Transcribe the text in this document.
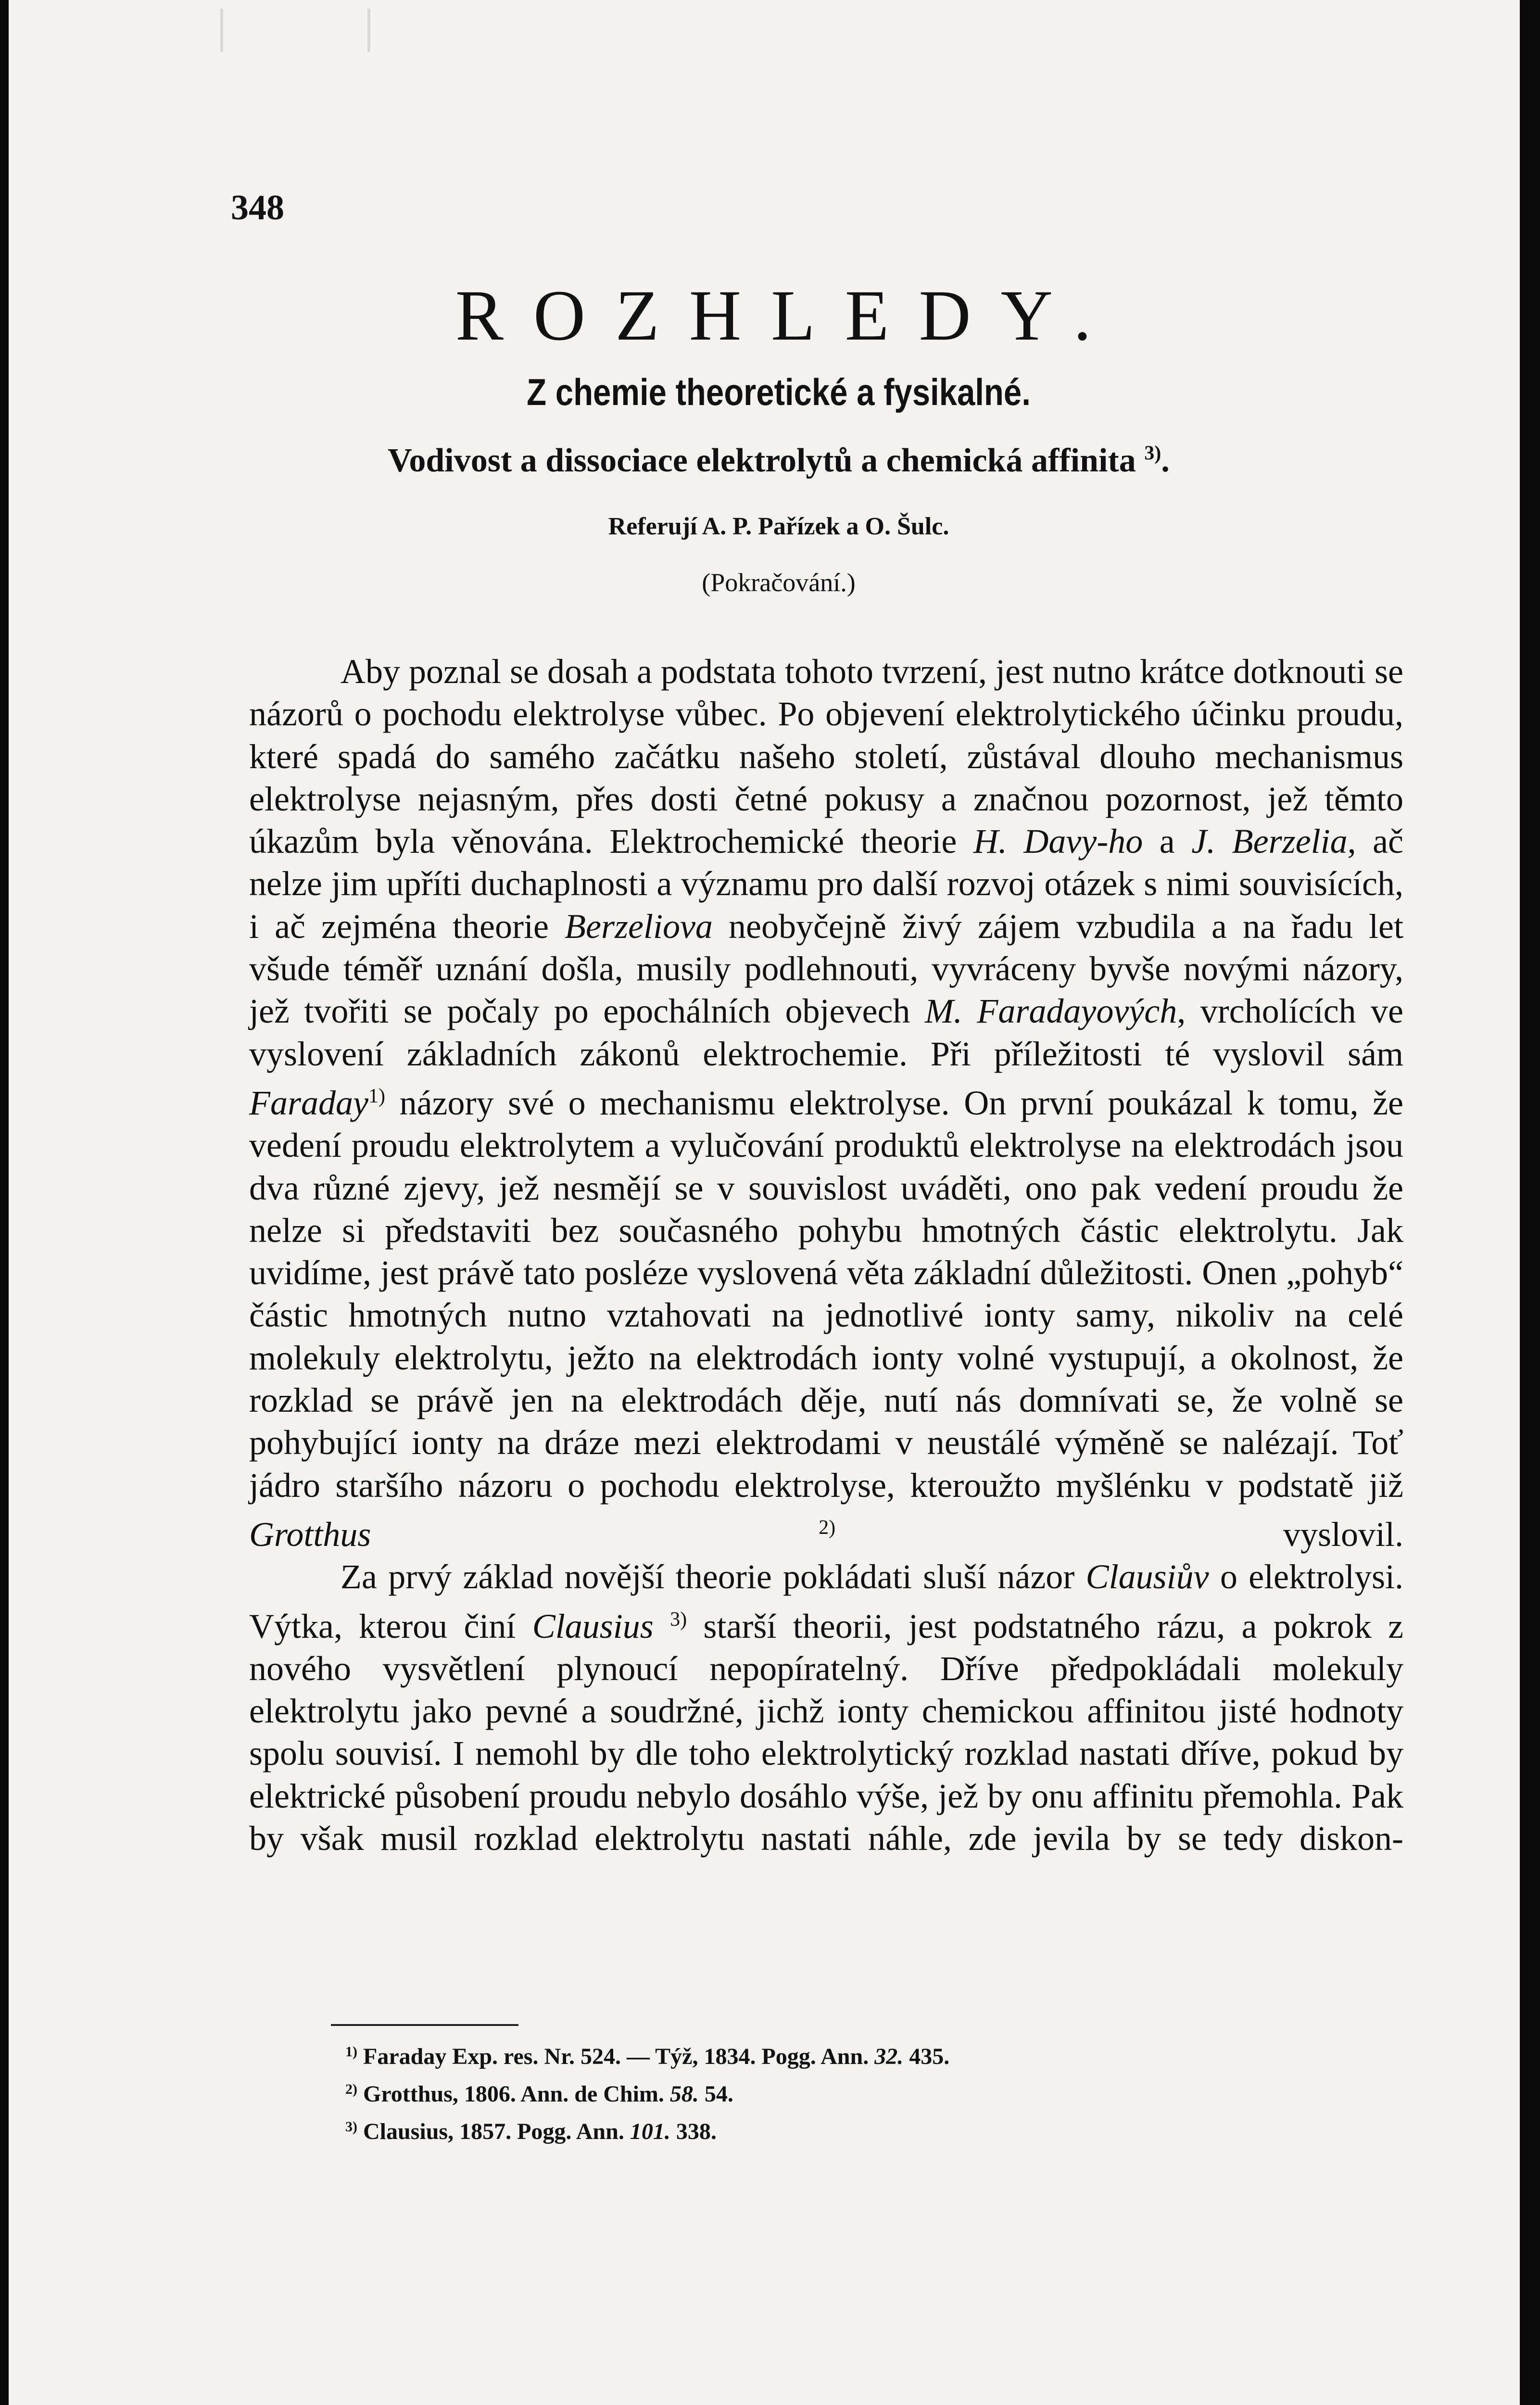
348
ROZHLEDY.
Z chemie theoretické a fysikalné.
Vodivost a dissociace elektrolytů a chemická affinita $^{3)}$.
Referují A. P. Pařízek a O. Šulc.
(Pokračování.)

Aby poznal se dosah a podstata tohoto tvrzení, jest nutno krátce dotknouti se názorů o pochodu elektrolyse vůbec. Po objevení elektrolytického účinku proudu, které spadá do samého začátku našeho století, zůstával dlouho mechanismus elektrolyse nejasným, přes dosti četné pokusy a značnou pozornost, jež těmto úkazům byla věnována. Elektrochemické theorie H. Davy-ho a J. Berzelia, ač nelze jim upříti duchaplnosti a významu pro další rozvoj otázek s nimi souvisících, i ač zejména theorie Berzeliova neobyčejně živý zájem vzbudila a na řadu let všude téměř uznání došla, musily podlehnouti, vyvráceny byvše novými názory, jež tvořiti se počaly po epochálních objevech M. Faradayových, vrcholících ve vyslovení základních zákonů elektrochemie. Při příležitosti té vyslovil sám Faraday$^{1)}$ názory své o mechanismu elektrolyse. On první poukázal k tomu, že vedení proudu elektrolytem a vylučování produktů elektrolyse na elektrodách jsou dva různé zjevy, jež nesmějí se v souvislost uváděti, ono pak vedení proudu že nelze si představiti bez současného pohybu hmotných částic elektrolytu. Jak uvidíme, jest právě tato posléze vyslovená věta základní důležitosti. Onen „pohyb“ částic hmotných nutno vztahovati na jednotlivé ionty samy, nikoliv na celé molekuly elektrolytu, ježto na elektrodách ionty volné vystupují, a okolnost, že rozklad se právě jen na elektrodách děje, nutí nás domnívati se, že volně se pohybující ionty na dráze mezi elektrodami v neustálé výměně se nalézají. Toť jádro staršího názoru o pochodu elektrolyse, kteroužto myšlénku v podstatě již Grotthus	$^{2)}$ vyslovil.

Za prvý základ novější theorie pokládati sluší názor Clausiův o elektrolysi. Výtka, kterou činí Clausius $^{3)}$ starší theorii, jest podstatného rázu, a pokrok z nového vysvětlení plynoucí nepopíratelný. Dříve předpokládali molekuly elektrolytu jako pevné a soudržné, jichž ionty chemickou affinitou jisté hodnoty spolu souvisí. I nemohl by dle toho elektrolytický rozklad nastati dříve, pokud by elektrické působení proudu nebylo dosáhlo výše, jež by onu affinitu přemohla. Pak by však musil rozklad elektrolytu nastati náhle, zde jevila by se tedy diskon-

$^{1)}$ Faraday Exp. res. Nr. 524. — Týž, 1834. Pogg. Ann. 32. 435.
$^{2)}$ Grotthus, 1806. Ann. de Chim. 58. 54.
$^{3)}$ Clausius, 1857. Pogg. Ann. 101. 338.
